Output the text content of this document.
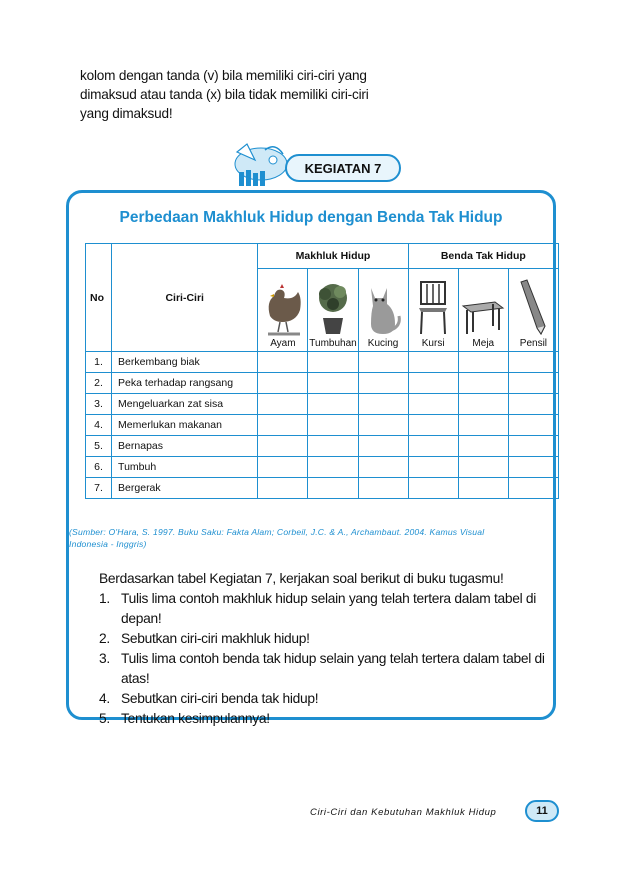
kolom dengan tanda (v) bila memiliki ciri-ciri yang
dimaksud atau tanda (x) bila tidak memiliki ciri-ciri
yang dimaksud!
KEGIATAN 7
Perbedaan Makhluk Hidup dengan Benda Tak Hidup
No	Ciri-Ciri	Makhluk Hidup			Benda Tak Hidup		

		Ayam	Tumbuhan	Kucing	Kursi	Meja	Pensil

1.	Berkembang biak						
2.	Peka terhadap rangsang						
3.	Mengeluarkan zat sisa						
4.	Memerlukan makanan						
5.	Bernapas						
6.	Tumbuh						
7.	Bergerak						
(Sumber: O'Hara, S. 1997. Buku Saku: Fakta Alam; Corbeil, J.C. & A., Archambaut. 2004. Kamus Visual
Indonesia - Inggris)
Berdasarkan tabel Kegiatan 7, kerjakan soal berikut di buku tugasmu!
1. Tulis lima contoh makhluk hidup selain yang telah tertera dalam tabel di depan!
2. Sebutkan ciri-ciri makhluk hidup!
3. Tulis lima contoh benda tak hidup selain yang telah tertera dalam tabel di atas!
4. Sebutkan ciri-ciri benda tak hidup!
5. Tentukan kesimpulannya!
Ciri-Ciri dan Kebutuhan Makhluk Hidup	11
